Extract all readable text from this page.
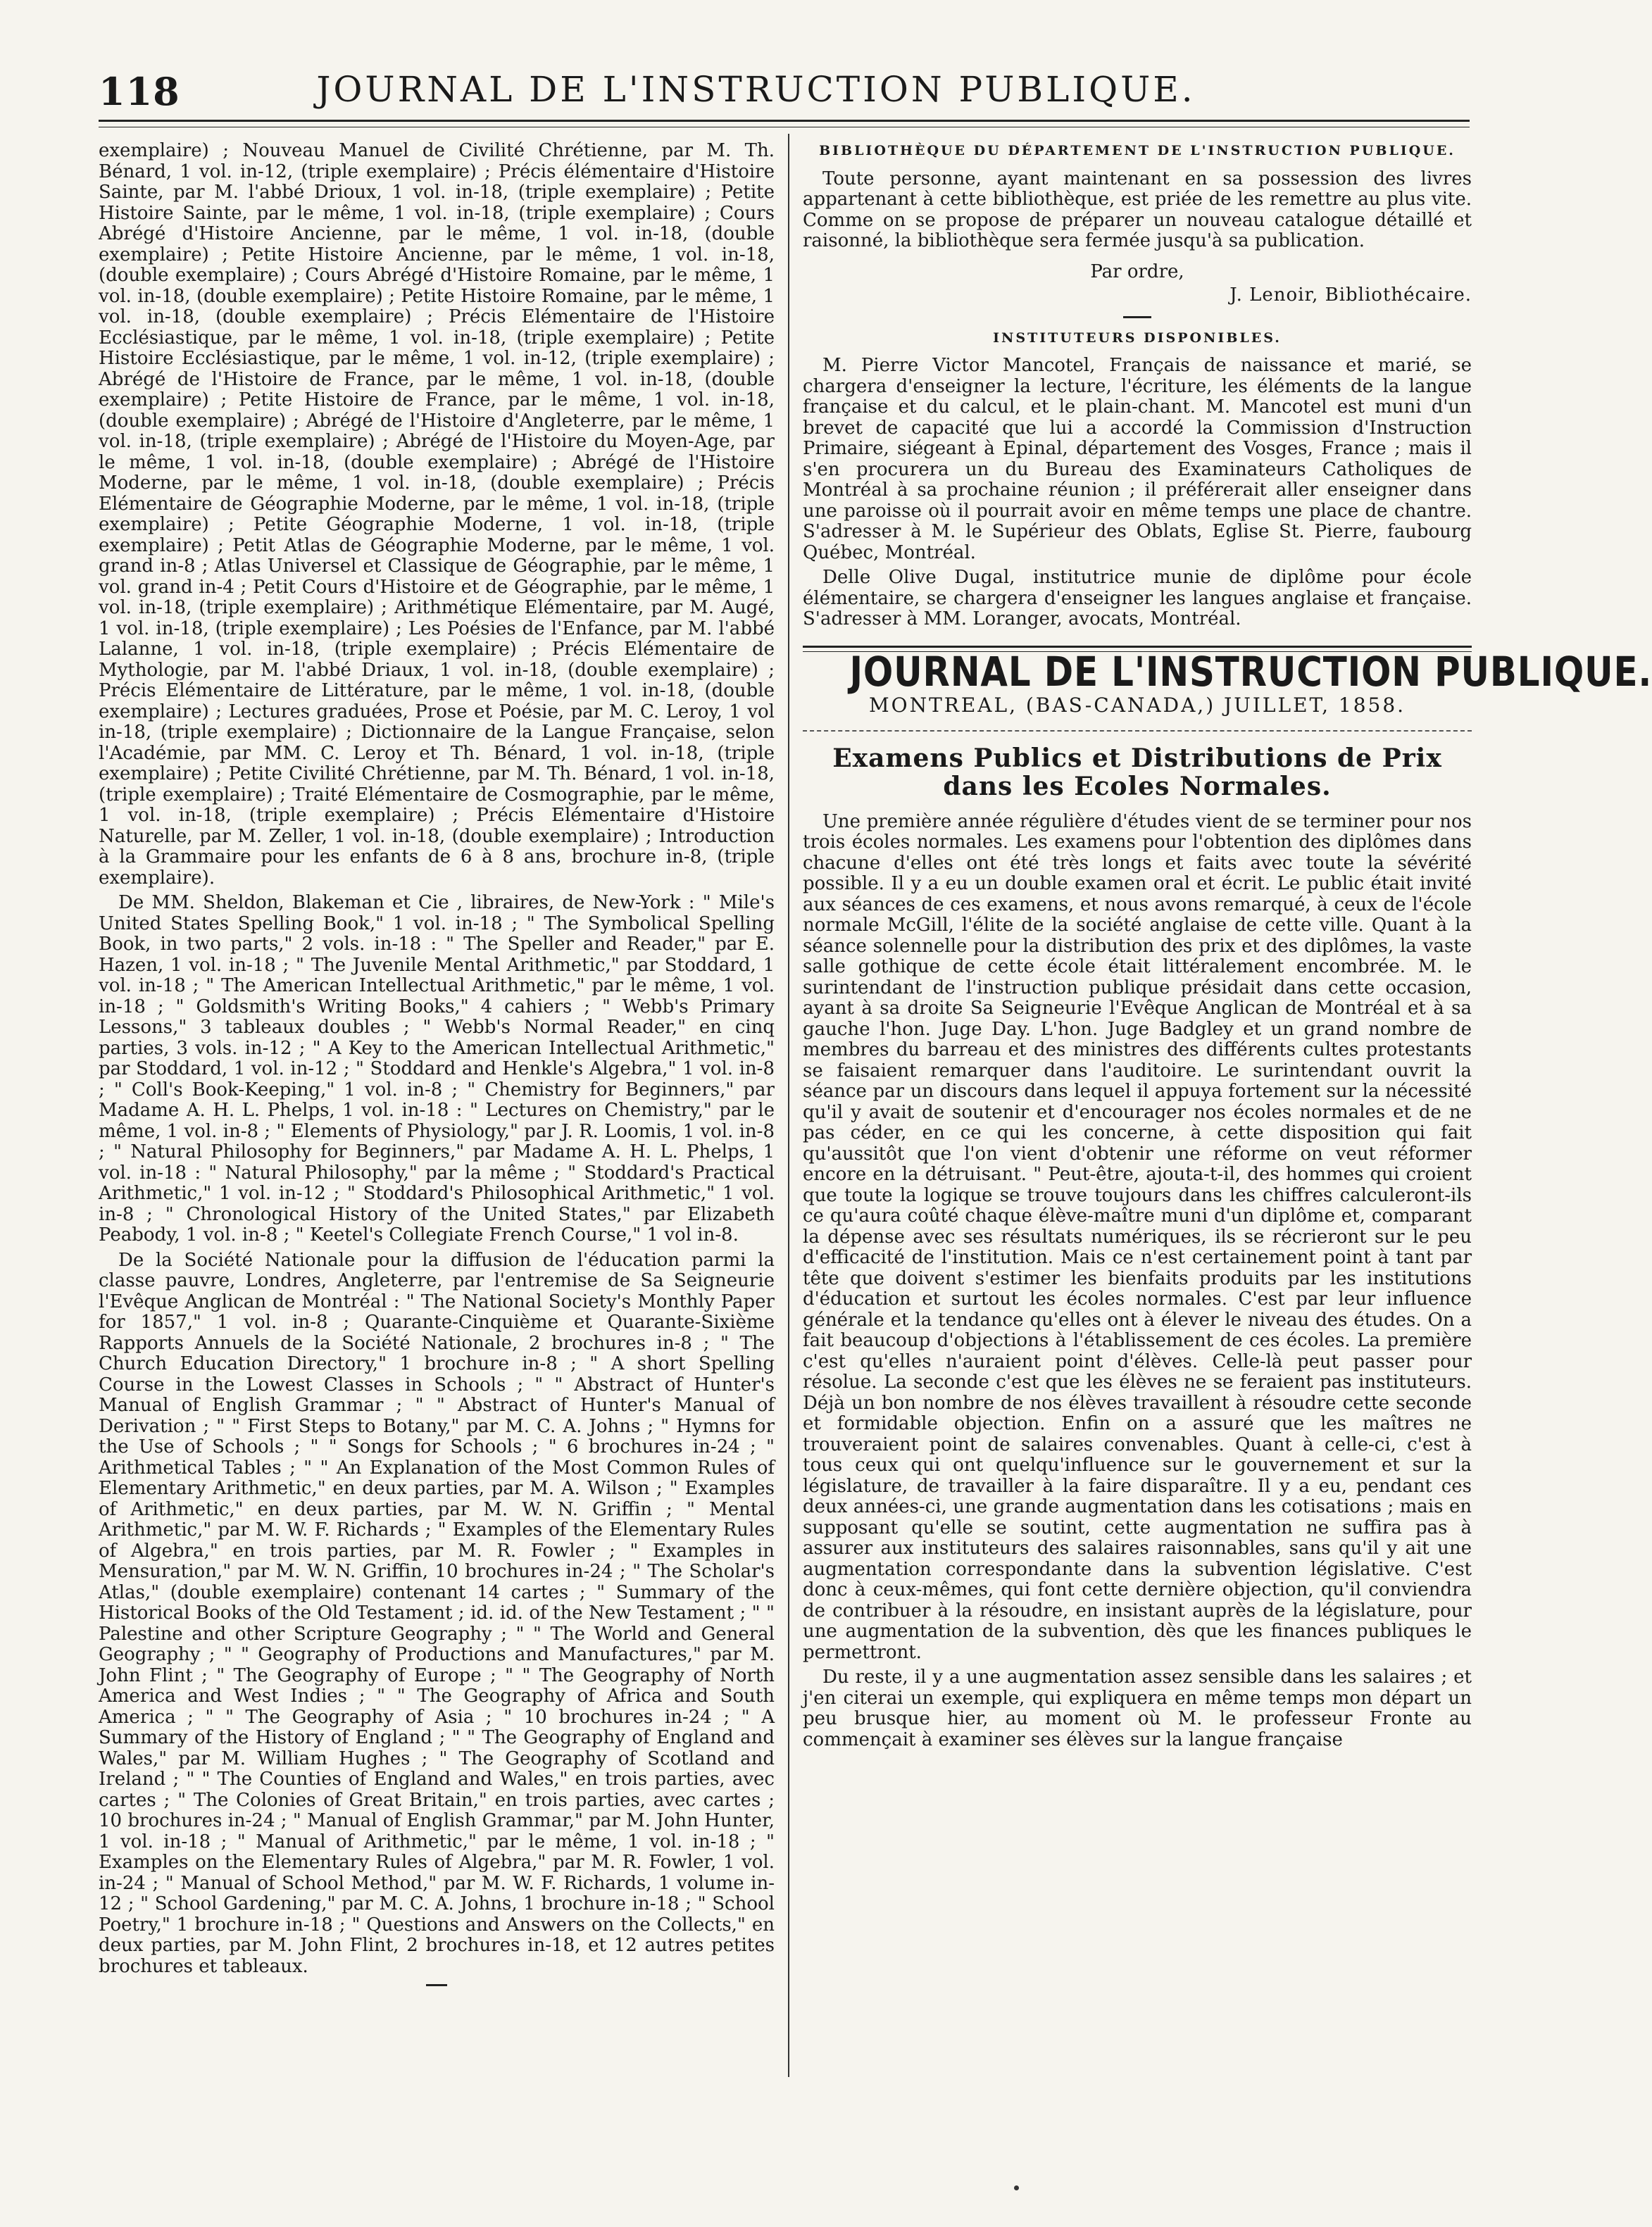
118	JOURNAL DE L'INSTRUCTION PUBLIQUE.

exemplaire) ; Nouveau Manuel de Civilité Chrétienne, par M. Th. Bénard, 1 vol. in-12, (triple exemplaire) ; Précis élémentaire d'Histoire Sainte, par M. l'abbé Drioux, 1 vol. in-18, (triple exemplaire) ; Petite Histoire Sainte, par le même, 1 vol. in-18, (triple exemplaire) ; Cours Abrégé d'Histoire Ancienne, par le même, 1 vol. in-18, (double exemplaire) ; Petite Histoire Ancienne, par le même, 1 vol. in-18, (double exemplaire) ; Cours Abrégé d'Histoire Romaine, par le même, 1 vol. in-18, (double exemplaire) ; Petite Histoire Romaine, par le même, 1 vol. in-18, (double exemplaire) ; Précis Elémentaire de l'Histoire Ecclésiastique, par le même, 1 vol. in-18, (triple exemplaire) ; Petite Histoire Ecclésiastique, par le même, 1 vol. in-12, (triple exemplaire) ; Abrégé de l'Histoire de France, par le même, 1 vol. in-18, (double exemplaire) ; Petite Histoire de France, par le même, 1 vol. in-18, (double exemplaire) ; Abrégé de l'Histoire d'Angleterre, par le même, 1 vol. in-18, (triple exemplaire) ; Abrégé de l'Histoire du Moyen-Age, par le même, 1 vol. in-18, (double exemplaire) ; Abrégé de l'Histoire Moderne, par le même, 1 vol. in-18, (double exemplaire) ; Précis Elémentaire de Géographie Moderne, par le même, 1 vol. in-18, (triple exemplaire) ; Petite Géographie Moderne, 1 vol. in-18, (triple exemplaire) ; Petit Atlas de Géographie Moderne, par le même, 1 vol. grand in-8 ; Atlas Universel et Classique de Géographie, par le même, 1 vol. grand in-4 ; Petit Cours d'Histoire et de Géographie, par le même, 1 vol. in-18, (triple exemplaire) ; Arithmétique Elémentaire, par M. Augé, 1 vol. in-18, (triple exemplaire) ; Les Poésies de l'Enfance, par M. l'abbé Lalanne, 1 vol. in-18, (triple exemplaire) ; Précis Elémentaire de Mythologie, par M. l'abbé Driaux, 1 vol. in-18, (double exemplaire) ; Précis Elémentaire de Littérature, par le même, 1 vol. in-18, (double exemplaire) ; Lectures graduées, Prose et Poésie, par M. C. Leroy, 1 vol in-18, (triple exemplaire) ; Dictionnaire de la Langue Française, selon l'Académie, par MM. C. Leroy et Th. Bénard, 1 vol. in-18, (triple exemplaire) ; Petite Civilité Chrétienne, par M. Th. Bénard, 1 vol. in-18, (triple exemplaire) ; Traité Elémentaire de Cosmographie, par le même, 1 vol. in-18, (triple exemplaire) ; Précis Elémentaire d'Histoire Naturelle, par M. Zeller, 1 vol. in-18, (double exemplaire) ; Introduction à la Grammaire pour les enfants de 6 à 8 ans, brochure in-8, (triple exemplaire).

De MM. Sheldon, Blakeman et Cie , libraires, de New-York : " Mile's United States Spelling Book," 1 vol. in-18 ; " The Symbolical Spelling Book, in two parts," 2 vols. in-18 : " The Speller and Reader," par E. Hazen, 1 vol. in-18 ; " The Juvenile Mental Arithmetic," par Stoddard, 1 vol. in-18 ; " The American Intellectual Arithmetic," par le même, 1 vol. in-18 ; " Goldsmith's Writing Books," 4 cahiers ; " Webb's Primary Lessons," 3 tableaux doubles ; " Webb's Normal Reader," en cinq parties, 3 vols. in-12 ; " A Key to the American Intellectual Arithmetic," par Stoddard, 1 vol. in-12 ; " Stoddard and Henkle's Algebra," 1 vol. in-8 ; " Coll's Book-Keeping," 1 vol. in-8 ; " Chemistry for Beginners," par Madame A. H. L. Phelps, 1 vol. in-18 : " Lectures on Chemistry," par le même, 1 vol. in-8 ; " Elements of Physiology," par J. R. Loomis, 1 vol. in-8 ; " Natural Philosophy for Beginners," par Madame A. H. L. Phelps, 1 vol. in-18 : " Natural Philosophy," par la même ; " Stoddard's Practical Arithmetic," 1 vol. in-12 ; " Stoddard's Philosophical Arithmetic," 1 vol. in-8 ; " Chronological History of the United States," par Elizabeth Peabody, 1 vol. in-8 ; " Keetel's Collegiate French Course," 1 vol in-8.

De la Société Nationale pour la diffusion de l'éducation parmi la classe pauvre, Londres, Angleterre, par l'entremise de Sa Seigneurie l'Evêque Anglican de Montréal : " The National Society's Monthly Paper for 1857," 1 vol. in-8 ; Quarante-Cinquième et Quarante-Sixième Rapports Annuels de la Société Nationale, 2 brochures in-8 ; " The Church Education Directory," 1 brochure in-8 ; " A short Spelling Course in the Lowest Classes in Schools ; " " Abstract of Hunter's Manual of English Grammar ; " " Abstract of Hunter's Manual of Derivation ; " " First Steps to Botany," par M. C. A. Johns ; " Hymns for the Use of Schools ; " " Songs for Schools ; " 6 brochures in-24 ; " Arithmetical Tables ; " " An Explanation of the Most Common Rules of Elementary Arithmetic," en deux parties, par M. A. Wilson ; " Examples of Arithmetic," en deux parties, par M. W. N. Griffin ; " Mental Arithmetic," par M. W. F. Richards ; " Examples of the Elementary Rules of Algebra," en trois parties, par M. R. Fowler ; " Examples in Mensuration," par M. W. N. Griffin, 10 brochures in-24 ; " The Scholar's Atlas," (double exemplaire) contenant 14 cartes ; " Summary of the Historical Books of the Old Testament ; id. id. of the New Testament ; " " Palestine and other Scripture Geography ; " " The World and General Geography ; " " Geography of Productions and Manufactures," par M. John Flint ; " The Geography of Europe ; " " The Geography of North America and West Indies ; " " The Geography of Africa and South America ; " " The Geography of Asia ; " 10 brochures in-24 ; " A Summary of the History of England ; " " The Geography of England and Wales," par M. William Hughes ; " The Geography of Scotland and Ireland ; " " The Counties of England and Wales," en trois parties, avec cartes ; " The Colonies of Great Britain," en trois parties, avec cartes ; 10 brochures in-24 ; " Manual of English Grammar," par M. John Hunter, 1 vol. in-18 ; " Manual of Arithmetic," par le même, 1 vol. in-18 ; " Examples on the Elementary Rules of Algebra," par M. R. Fowler, 1 vol. in-24 ; " Manual of School Method," par M. W. F. Richards, 1 volume in-12 ; " School Gardening," par M. C. A. Johns, 1 brochure in-18 ; " School Poetry," 1 brochure in-18 ; " Questions and Answers on the Collects," en deux parties, par M. John Flint, 2 brochures in-18, et 12 autres petites brochures et tableaux.

BIBLIOTHÈQUE DU DÉPARTEMENT DE L'INSTRUCTION PUBLIQUE.

Toute personne, ayant maintenant en sa possession des livres appartenant à cette bibliothèque, est priée de les remettre au plus vite. Comme on se propose de préparer un nouveau catalogue détaillé et raisonné, la bibliothèque sera fermée jusqu'à sa publication.

Par ordre,
J. Lenoir, Bibliothécaire.
INSTITUTEURS DISPONIBLES.

M. Pierre Victor Mancotel, Français de naissance et marié, se chargera d'enseigner la lecture, l'écriture, les éléments de la langue française et du calcul, et le plain-chant. M. Mancotel est muni d'un brevet de capacité que lui a accordé la Commission d'Instruction Primaire, siégeant à Epinal, département des Vosges, France ; mais il s'en procurera un du Bureau des Examinateurs Catholiques de Montréal à sa prochaine réunion ; il préférerait aller enseigner dans une paroisse où il pourrait avoir en même temps une place de chantre. S'adresser à M. le Supérieur des Oblats, Eglise St. Pierre, faubourg Québec, Montréal.

Delle Olive Dugal, institutrice munie de diplôme pour école élémentaire, se chargera d'enseigner les langues anglaise et française. S'adresser à MM. Loranger, avocats, Montréal.

JOURNAL DE L'INSTRUCTION PUBLIQUE.
MONTREAL, (BAS-CANADA,) JUILLET, 1858.
Examens Publics et Distributions de Prix dans les Ecoles Normales.

Une première année régulière d'études vient de se terminer pour nos trois écoles normales. Les examens pour l'obtention des diplômes dans chacune d'elles ont été très longs et faits avec toute la sévérité possible. Il y a eu un double examen oral et écrit. Le public était invité aux séances de ces examens, et nous avons remarqué, à ceux de l'école normale McGill, l'élite de la société anglaise de cette ville. Quant à la séance solennelle pour la distribution des prix et des diplômes, la vaste salle gothique de cette école était littéralement encombrée. M. le surintendant de l'instruction publique présidait dans cette occasion, ayant à sa droite Sa Seigneurie l'Evêque Anglican de Montréal et à sa gauche l'hon. Juge Day. L'hon. Juge Badgley et un grand nombre de membres du barreau et des ministres des différents cultes protestants se faisaient remarquer dans l'auditoire. Le surintendant ouvrit la séance par un discours dans lequel il appuya fortement sur la nécessité qu'il y avait de soutenir et d'encourager nos écoles normales et de ne pas céder, en ce qui les concerne, à cette disposition qui fait qu'aussitôt que l'on vient d'obtenir une réforme on veut réformer encore en la détruisant. " Peut-être, ajouta-t-il, des hommes qui croient que toute la logique se trouve toujours dans les chiffres calculeront-ils ce qu'aura coûté chaque élève-maître muni d'un diplôme et, comparant la dépense avec ses résultats numériques, ils se récrieront sur le peu d'efficacité de l'institution. Mais ce n'est certainement point à tant par tête que doivent s'estimer les bienfaits produits par les institutions d'éducation et surtout les écoles normales. C'est par leur influence générale et la tendance qu'elles ont à élever le niveau des études. On a fait beaucoup d'objections à l'établissement de ces écoles. La première c'est qu'elles n'auraient point d'élèves. Celle-là peut passer pour résolue. La seconde c'est que les élèves ne se feraient pas instituteurs. Déjà un bon nombre de nos élèves travaillent à résoudre cette seconde et formidable objection. Enfin on a assuré que les maîtres ne trouveraient point de salaires convenables. Quant à celle-ci, c'est à tous ceux qui ont quelqu'influence sur le gouvernement et sur la législature, de travailler à la faire disparaître. Il y a eu, pendant ces deux années-ci, une grande augmentation dans les cotisations ; mais en supposant qu'elle se soutint, cette augmentation ne suffira pas à assurer aux instituteurs des salaires raisonnables, sans qu'il y ait une augmentation correspondante dans la subvention législative. C'est donc à ceux-mêmes, qui font cette dernière objection, qu'il conviendra de contribuer à la résoudre, en insistant auprès de la législature, pour une augmentation de la subvention, dès que les finances publiques le permettront.

Du reste, il y a une augmentation assez sensible dans les salaires ; et j'en citerai un exemple, qui expliquera en même temps mon départ un peu brusque hier, au moment où M. le professeur Fronte au commençait à examiner ses élèves sur la langue française
